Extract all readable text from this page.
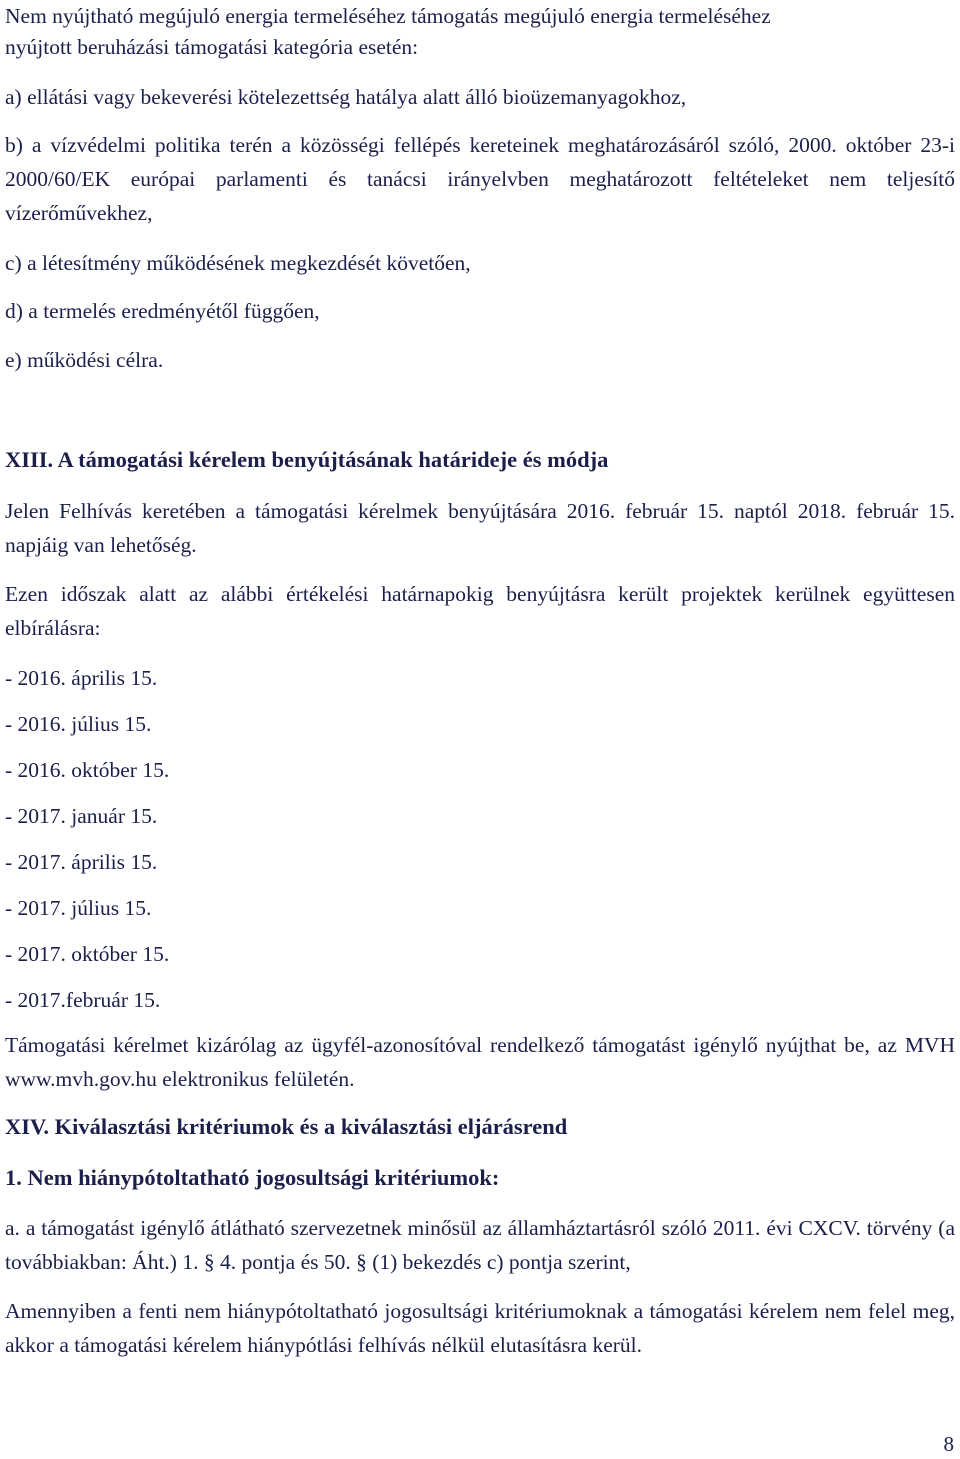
Nem nyújtható megújuló energia termeléséhez támogatás megújuló energia termeléséhez

nyújtott beruházási támogatási kategória esetén:

a) ellátási vagy bekeverési kötelezettség hatálya alatt álló bioüzemanyagokhoz,

b) a vízvédelmi politika terén a közösségi fellépés kereteinek meghatározásáról szóló, 2000. október 23-i 2000/60/EK európai parlamenti és tanácsi irányelvben meghatározott feltételeket nem teljesítő vízerőművekhez,

c) a létesítmény működésének megkezdését követően,

d) a termelés eredményétől függően,

e) működési célra.

XIII. A támogatási kérelem benyújtásának határideje és módja

Jelen Felhívás keretében a támogatási kérelmek benyújtására 2016. február 15. naptól 2018. február 15. napjáig van lehetőség.

Ezen időszak alatt az alábbi értékelési határnapokig benyújtásra került projektek kerülnek együttesen elbírálásra:

- 2016. április 15.

- 2016. július 15.

- 2016. október 15.

- 2017. január 15.

- 2017. április 15.

- 2017. július 15.

- 2017. október 15.

- 2017.február 15.

Támogatási kérelmet kizárólag az ügyfél-azonosítóval rendelkező támogatást igénylő nyújthat be, az MVH www.mvh.gov.hu elektronikus felületén.

XIV. Kiválasztási kritériumok és a kiválasztási eljárásrend

1. Nem hiánypótoltatható jogosultsági kritériumok:

a. a támogatást igénylő átlátható szervezetnek minősül az államháztartásról szóló 2011. évi CXCV. törvény (a továbbiakban: Áht.) 1. § 4. pontja és 50. § (1) bekezdés c) pontja szerint,

Amennyiben a fenti nem hiánypótoltatható jogosultsági kritériumoknak a támogatási kérelem nem felel meg, akkor a támogatási kérelem hiánypótlási felhívás nélkül elutasításra kerül.

8
